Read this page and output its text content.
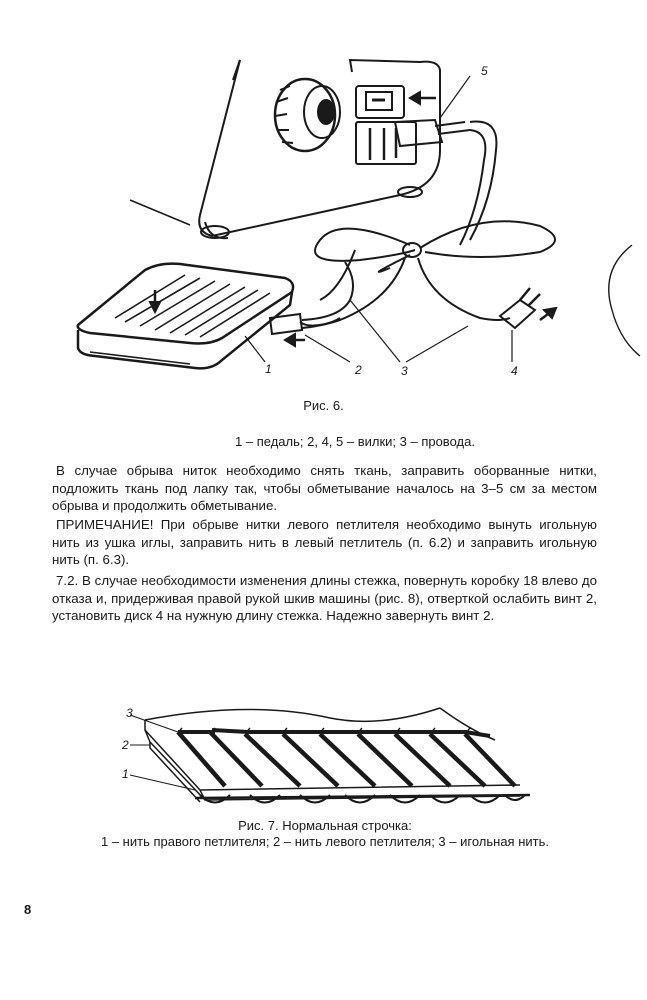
5
1	2	3	4
Рис. 6.
1 – педаль; 2, 4, 5 – вилки; 3 – провода.
В случае обрыва ниток необходимо снять ткань, заправить оборванные нитки, подложить ткань под лапку так, чтобы обметывание началось на 3–5 см за местом обрыва и продолжить обметывание.
ПРИМЕЧАНИЕ! При обрыве нитки левого петлителя необходимо вынуть игольную нить из ушка иглы, заправить нить в левый петлитель (п. 6.2) и заправить игольную нить (п. 6.3).
7.2. В случае необходимости изменения длины стежка, повернуть коробку 18 влево до отказа и, придерживая правой рукой шкив машины (рис. 8), отверткой ослабить винт 2, установить диск 4 на нужную длину стежка. Надежно завернуть винт 2.
3
2
1
Рис. 7. Нормальная строчка:
1 – нить правого петлителя; 2 – нить левого петлителя; 3 – игольная нить.
8
